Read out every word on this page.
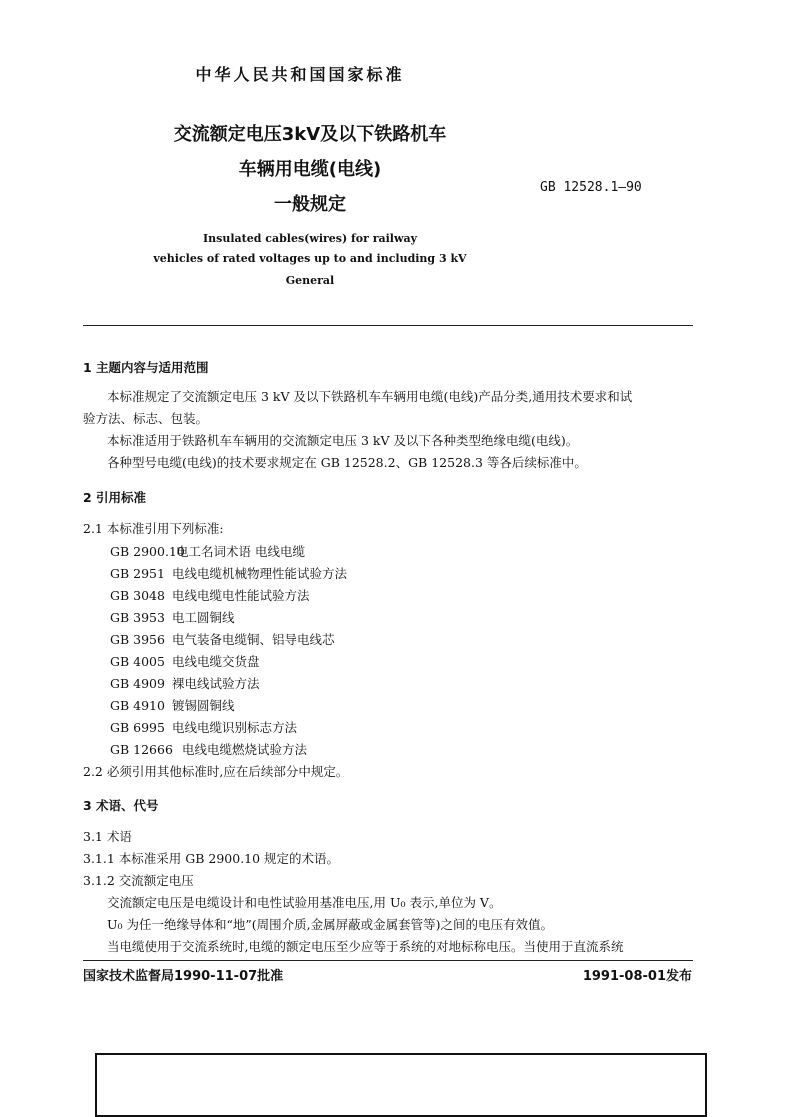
中华人民共和国国家标准
交流额定电压3kV及以下铁路机车
车辆用电缆(电线)
一般规定
GB 12528.1—90
Insulated cables(wires) for railway
vehicles of rated voltages up to and including 3 kV
General
1 主题内容与适用范围
本标准规定了交流额定电压 3 kV 及以下铁路机车车辆用电缆(电线)产品分类,通用技术要求和试
验方法、标志、包装。
本标准适用于铁路机车车辆用的交流额定电压 3 kV 及以下各种类型绝缘电缆(电线)。
各种型号电缆(电线)的技术要求规定在 GB 12528.2、GB 12528.3 等各后续标准中。
2 引用标准
2.1 本标准引用下列标准:
GB 2900.10电工名词术语 电线电缆
GB 2951 电线电缆机械物理性能试验方法
GB 3048 电线电缆电性能试验方法
GB 3953 电工圆铜线
GB 3956 电气装备电缆铜、铝导电线芯
GB 4005 电线电缆交货盘
GB 4909 裸电线试验方法
GB 4910 镀锡圆铜线
GB 6995 电线电缆识别标志方法
GB 12666 电线电缆燃烧试验方法
2.2 必须引用其他标准时,应在后续部分中规定。
3 术语、代号
3.1 术语
3.1.1 本标准采用 GB 2900.10 规定的术语。
3.1.2 交流额定电压
交流额定电压是电缆设计和电性试验用基准电压,用 U₀ 表示,单位为 V。
U₀ 为任一绝缘导体和“地”(周围介质,金属屏蔽或金属套管等)之间的电压有效值。
当电缆使用于交流系统时,电缆的额定电压至少应等于系统的对地标称电压。当使用于直流系统
国家技术监督局1990-11-07批准	1991-08-01发布
